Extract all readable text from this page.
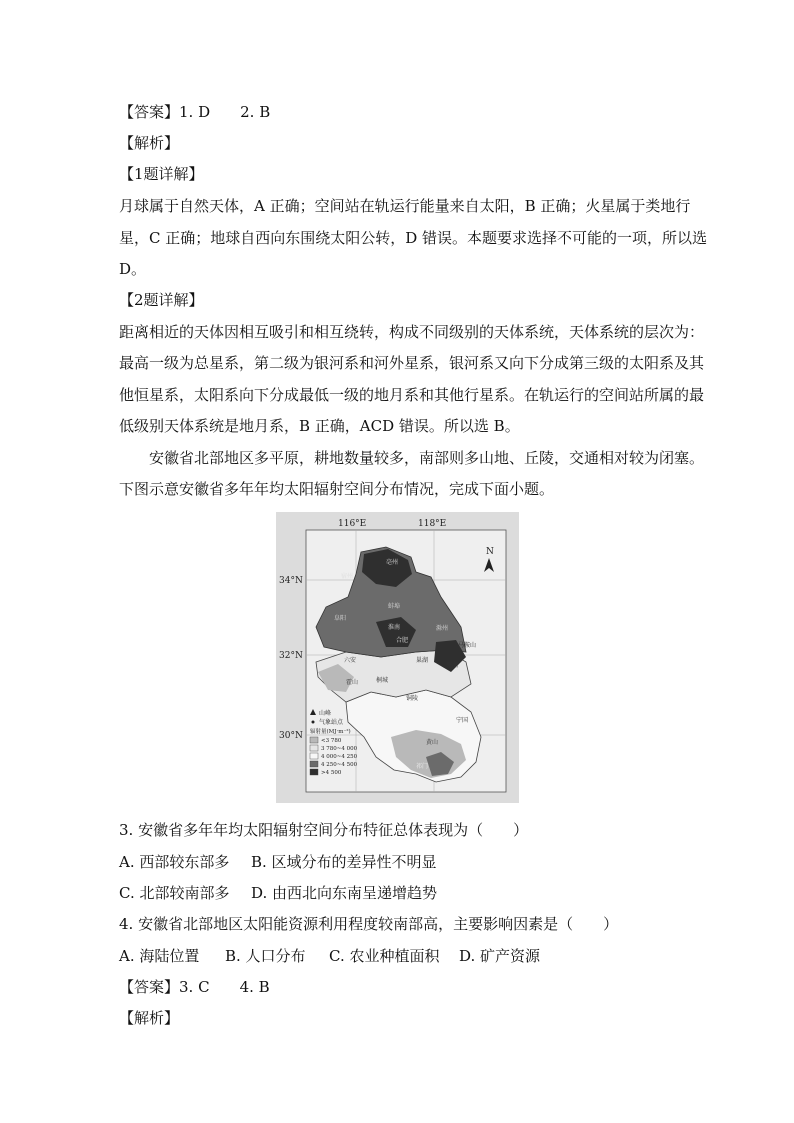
【答案】1. D 2. B
【解析】
【1题详解】
月球属于自然天体，A 正确；空间站在轨运行能量来自太阳，B 正确；火星属于类地行
星，C 正确；地球自西向东围绕太阳公转，D 错误。本题要求选择不可能的一项，所以选
D。
【2题详解】
距离相近的天体因相互吸引和相互绕转，构成不同级别的天体系统，天体系统的层次为：
最高一级为总星系，第二级为银河系和河外星系，银河系又向下分成第三级的太阳系及其
他恒星系，太阳系向下分成最低一级的地月系和其他行星系。在轨运行的空间站所属的最
低级别天体系统是地月系，B 正确，ACD 错误。所以选 B。
安徽省北部地区多平原，耕地数量较多，南部则多山地、丘陵，交通相对较为闭塞。
下图示意安徽省多年年均太阳辐射空间分布情况，完成下面小题。
116°E	118°E
34°N
32°N
30°N
N
宿州
亳州
阜阳
蚌埠
淮南	滁州
六安
合肥
霍山
巢湖
马鞍山
芜湖
桐城
铜陵
宁国
黄山
祁门
山峰
气象站点
辐射量(MJ·m⁻²)
<3 780
3 780~4 000
4 000~4 250
4 250~4 500
>4 500
3. 安徽省多年年均太阳辐射空间分布特征总体表现为（　　）
A. 西部较东部多 B. 区域分布的差异性不明显
C. 北部较南部多 D. 由西北向东南呈递增趋势
4. 安徽省北部地区太阳能资源利用程度较南部高，主要影响因素是（　　）
A. 海陆位置 B. 人口分布 C. 农业种植面积 D. 矿产资源
【答案】3. C 4. B
【解析】
